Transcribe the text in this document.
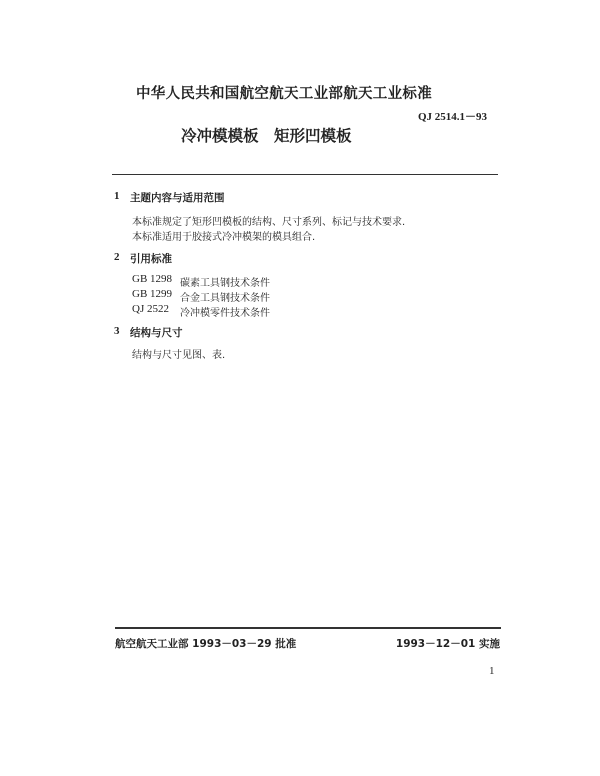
中华人民共和国航空航天工业部航天工业标准
QJ 2514.1－93
冷冲模模板　矩形凹模板
1 主题内容与适用范围
本标准规定了矩形凹模板的结构、尺寸系列、标记与技术要求.
本标准适用于胶接式冷冲模架的模具组合.
2 引用标准
GB 1298 碳素工具钢技术条件
GB 1299 合金工具钢技术条件
QJ 2522 冷冲模零件技术条件
3 结构与尺寸
结构与尺寸见图、表.
航空航天工业部 1993－03－29 批准	1993－12－01 实施
1
